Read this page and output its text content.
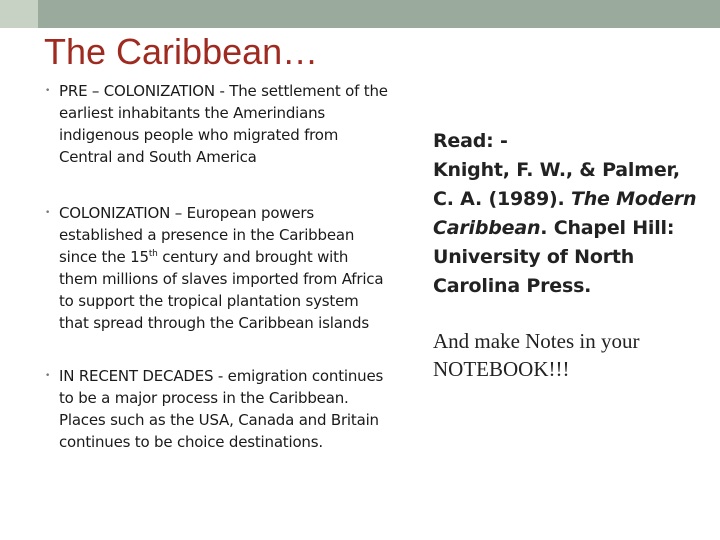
The Caribbean…
• PRE – COLONIZATION - The settlement of the earliest inhabitants the Amerindians indigenous people who migrated from Central and South America
• COLONIZATION – European powers established a presence in the Caribbean since the 15th century and brought with them millions of slaves imported from Africa to support the tropical plantation system that spread through the Caribbean islands
• IN RECENT DECADES - emigration continues to be a major process in the Caribbean. Places such as the USA, Canada and Britain continues to be choice destinations.
Read: -
Knight, F. W., & Palmer, C. A. (1989). The Modern Caribbean. Chapel Hill: University of North Carolina Press.
And make Notes in your NOTEBOOK!!!
